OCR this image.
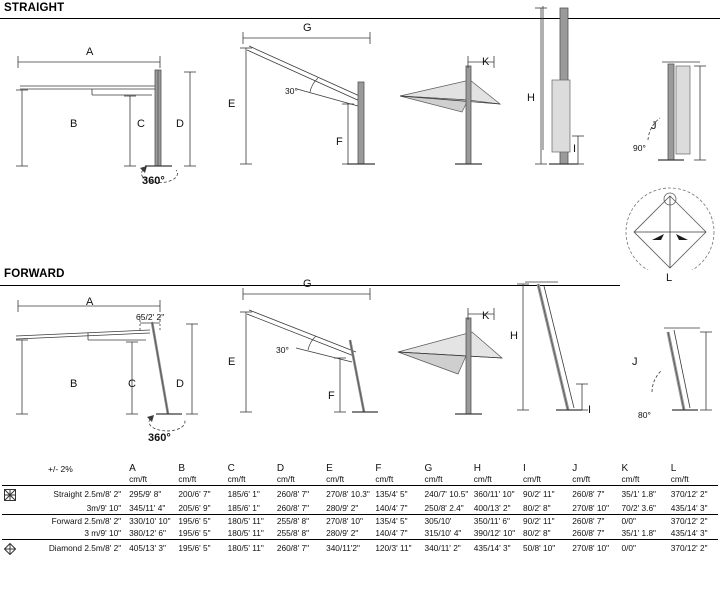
STRAIGHT
A
B	C	D
360°
G
E
F
30°
K
H
I
J
90°
L
FORWARD
A
65/2' 2"
B	C	D
360°
G
E
F
30°
K
H
I
J
80°
+/- 2%
			A	B	C	D	E	F	G	H	I	J	K	L
		cm/ft	cm/ft	cm/ft	cm/ft	cm/ft	cm/ft	cm/ft	cm/ft	cm/ft	cm/ft	cm/ft	cm/ft

	Straight 2.5m/8' 2"	295/9' 8"	200/6' 7"	185/6' 1"	260/8' 7"	270/8' 10.3"	135/4' 5"	240/7' 10.5"	360/11' 10"	90/2' 11"	260/8' 7"	35/1' 1.8"	370/12' 2"
	3m/9' 10"	345/11' 4"	205/6' 9"	185/6' 1"	260/8' 7"	280/9' 2"	140/4' 7"	250/8' 2.4"	400/13' 2"	80/2' 8"	270/8' 10"	70/2' 3.6"	435/14' 3"
	Forward 2.5m/8' 2"	330/10' 10"	195/6' 5"	180/5' 11"	255/8' 8"	270/8' 10"	135/4' 5"	305/10'	350/11' 6"	90/2' 11"	260/8' 7"	0/0"	370/12' 2"
	3 m/9' 10"	380/12' 6"	195/6' 5"	180/5' 11"	255/8' 8"	280/9' 2"	140/4' 7"	315/10' 4"	390/12' 10"	80/2' 8"	260/8' 7"	35/1' 1.8"	435/14' 3"

	Diamond 2.5m/8' 2"	405/13' 3"	195/6' 5"	180/5' 11"	260/8' 7"	340/11'2"	120/3' 11"	340/11' 2"	435/14' 3"	50/8' 10"	270/8' 10"	0/0"	370/12' 2"
